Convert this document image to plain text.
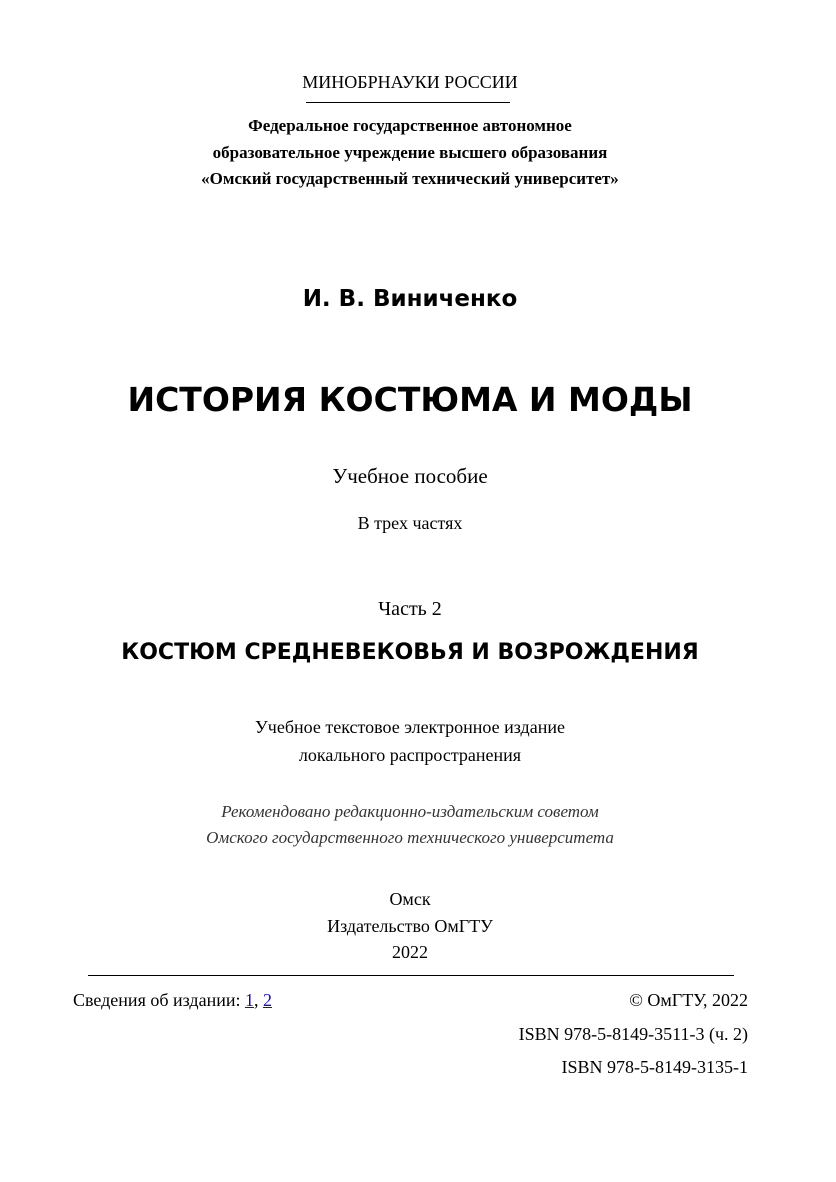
МИНОБРНАУКИ РОССИИ
Федеральное государственное автономное
образовательное учреждение высшего образования
«Омский государственный технический университет»
И. В. Виниченко
ИСТОРИЯ КОСТЮМА И МОДЫ
Учебное пособие
В трех частях
Часть 2
КОСТЮМ СРЕДНЕВЕКОВЬЯ И ВОЗРОЖДЕНИЯ
Учебное текстовое электронное издание
локального распространения
Рекомендовано редакционно-издательским советом
Омского государственного технического университета
Омск
Издательство ОмГТУ
2022
Сведения об издании: 1, 2	© ОмГТУ, 2022
ISBN 978-5-8149-3511-3 (ч. 2)
ISBN 978-5-8149-3135-1
